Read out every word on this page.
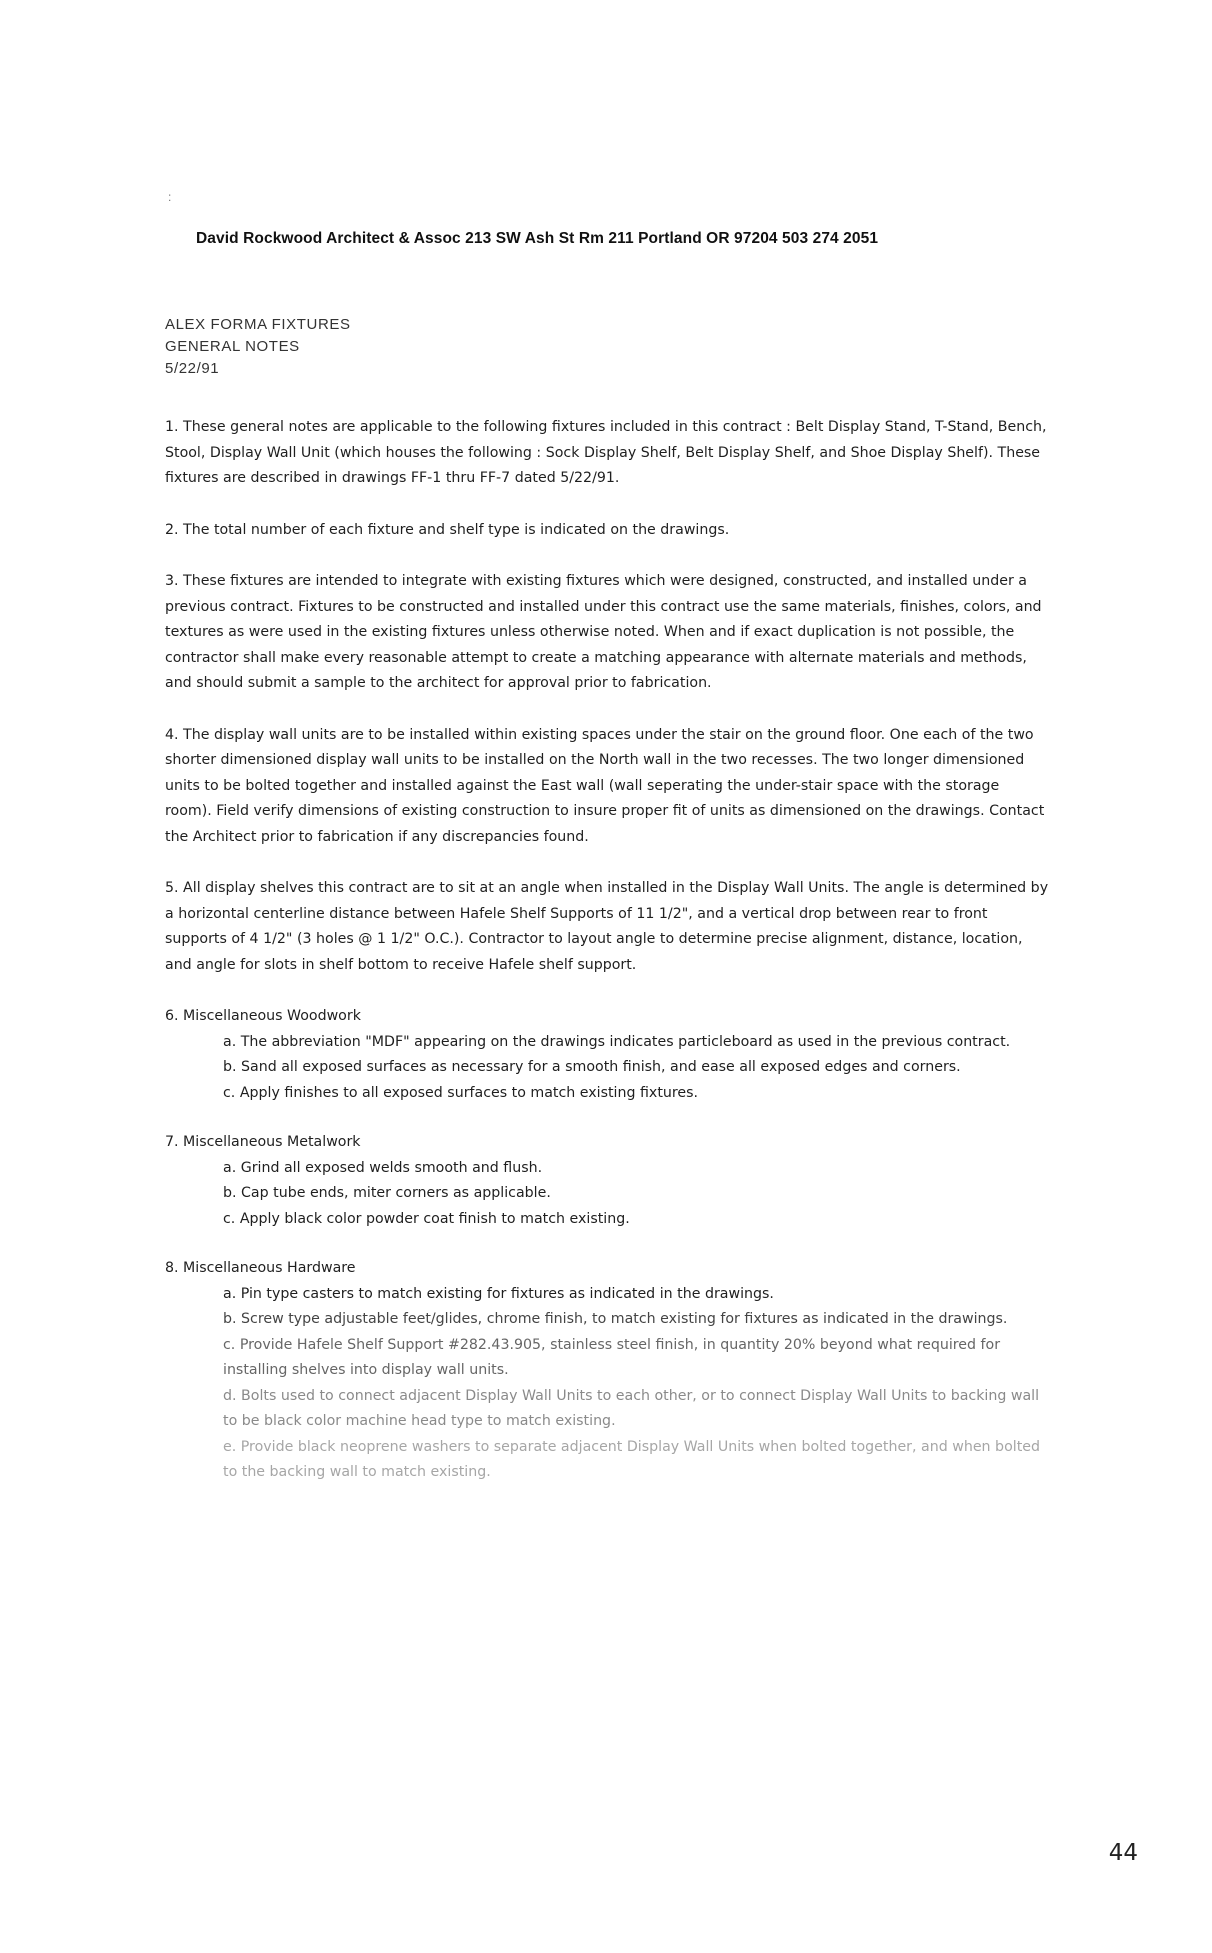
:
David Rockwood Architect & Assoc 213 SW Ash St Rm 211 Portland OR 97204 503 274 2051
ALEX FORMA FIXTURES
GENERAL NOTES
5/22/91

1. These general notes are applicable to the following fixtures included in this contract : Belt Display Stand, T-Stand, Bench, Stool, Display Wall Unit (which houses the following : Sock Display Shelf, Belt Display Shelf, and Shoe Display Shelf). These fixtures are described in drawings FF-1 thru FF-7 dated 5/22/91.

2. The total number of each fixture and shelf type is indicated on the drawings.

3. These fixtures are intended to integrate with existing fixtures which were designed, constructed, and installed under a previous contract. Fixtures to be constructed and installed under this contract use the same materials, finishes, colors, and textures as were used in the existing fixtures unless otherwise noted. When and if exact duplication is not possible, the contractor shall make every reasonable attempt to create a matching appearance with alternate materials and methods, and should submit a sample to the architect for approval prior to fabrication.

4. The display wall units are to be installed within existing spaces under the stair on the ground floor. One each of the two shorter dimensioned display wall units to be installed on the North wall in the two recesses. The two longer dimensioned units to be bolted together and installed against the East wall (wall seperating the under-stair space with the storage room). Field verify dimensions of existing construction to insure proper fit of units as dimensioned on the drawings. Contact the Architect prior to fabrication if any discrepancies found.

5. All display shelves this contract are to sit at an angle when installed in the Display Wall Units. The angle is determined by a horizontal centerline distance between Hafele Shelf Supports of 11 1/2", and a vertical drop between rear to front supports of 4 1/2" (3 holes @ 1 1/2" O.C.). Contractor to layout angle to determine precise alignment, distance, location, and angle for slots in shelf bottom to receive Hafele shelf support.

6. Miscellaneous Woodwork

a. The abbreviation "MDF" appearing on the drawings indicates particleboard as used in the previous contract.

b. Sand all exposed surfaces as necessary for a smooth finish, and ease all exposed edges and corners.

c. Apply finishes to all exposed surfaces to match existing fixtures.

7. Miscellaneous Metalwork

a. Grind all exposed welds smooth and flush.

b. Cap tube ends, miter corners as applicable.

c. Apply black color powder coat finish to match existing.

8. Miscellaneous Hardware

a. Pin type casters to match existing for fixtures as indicated in the drawings.

b. Screw type adjustable feet/glides, chrome finish, to match existing for fixtures as indicated in the drawings.

c. Provide Hafele Shelf Support #282.43.905, stainless steel finish, in quantity 20% beyond what required for installing shelves into display wall units.

d. Bolts used to connect adjacent Display Wall Units to each other, or to connect Display Wall Units to backing wall to be black color machine head type to match existing.

e. Provide black neoprene washers to separate adjacent Display Wall Units when bolted together, and when bolted to the backing wall to match existing.

44
